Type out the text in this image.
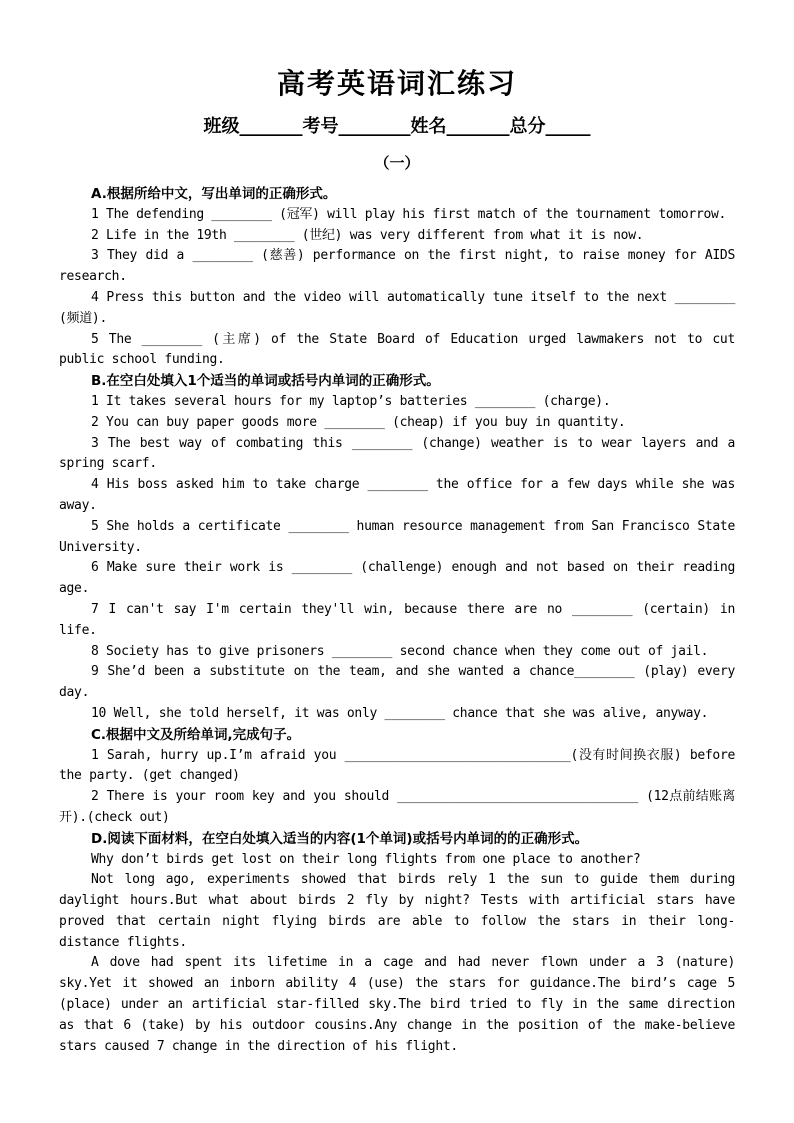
高考英语词汇练习
班级_______考号________姓名_______总分_____
（一）
A.根据所给中文，写出单词的正确形式。
1 The defending ________ (冠军) will play his first match of the tournament tomorrow.
2 Life in the 19th ________ (世纪) was very different from what it is now.
3 They did a ________ (慈善) performance on the first night, to raise money for AIDS research.
4 Press this button and the video will automatically tune itself to the next ________ (频道).
5 The ________ (主席) of the State Board of Education urged lawmakers not to cut public school funding.
B.在空白处填入1个适当的单词或括号内单词的正确形式。
1 It takes several hours for my laptop’s batteries ________ (charge).
2 You can buy paper goods more ________ (cheap) if you buy in quantity.
3 The best way of combating this ________ (change) weather is to wear layers and a spring scarf.
4 His boss asked him to take charge ________ the office for a few days while she was away.
5 She holds a certificate ________ human resource management from San Francisco State University.
6 Make sure their work is ________ (challenge) enough and not based on their reading age.
7 I can't say I'm certain they'll win, because there are no ________ (certain) in life.
8 Society has to give prisoners ________ second chance when they come out of jail.
9 She’d been a substitute on the team, and she wanted a chance________ (play) every day.
10 Well, she told herself, it was only ________ chance that she was alive, anyway.
C.根据中文及所给单词,完成句子。
1 Sarah, hurry up.I’m afraid you ______________________________(没有时间换衣服) before the party. (get changed)
2 There is your room key and you should ________________________________ (12点前结账离开).(check out)
D.阅读下面材料，在空白处填入适当的内容(1个单词)或括号内单词的的正确形式。
Why don’t birds get lost on their long flights from one place to another?
Not long ago, experiments showed that birds rely 1 the sun to guide them during daylight hours.But what about birds 2 fly by night? Tests with artificial stars have proved that certain night flying birds are able to follow the stars in their long-distance flights.
A dove had spent its lifetime in a cage and had never flown under a 3 (nature) sky.Yet it showed an inborn ability 4 (use) the stars for guidance.The bird’s cage 5 (place) under an artificial star-filled sky.The bird tried to fly in the same direction as that 6 (take) by his outdoor cousins.Any change in the position of the make-believe stars caused 7 change in the direction of his flight.
